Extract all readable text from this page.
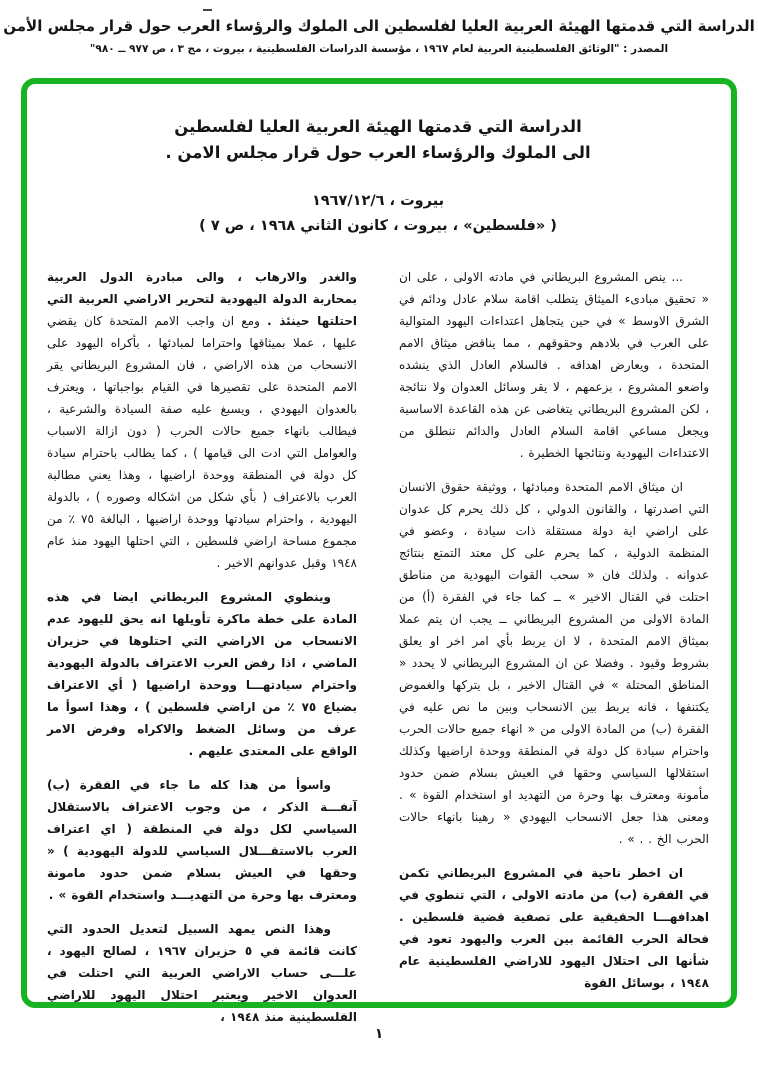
الدراسة التي قدمتها الهيئة العربية العليا لفلسطين الى الملوك والرؤساء العرب حول قرار مجلس الأمن
المصدر : "الوثائق الفلسطينية العربية لعام ١٩٦٧ ، مؤسسة الدراسات الفلسطينية ، بيروت ، مج ٣ ، ص ٩٧٧ ــ ٩٨٠"
الدراسة التي قدمتها الهيئة العربية العليا لفلسطين
الى الملوك والرؤساء العرب حول قرار مجلس الامن .
بيروت ، ١٩٦٧/١٢/٦
( «فلسطين» ، بيروت ، كانون الثاني ١٩٦٨ ، ص ٧ )

... ينص المشروع البريطاني في مادته الاولى ، على ان « تحقيق مبادىء الميثاق يتطلب اقامة سلام عادل ودائم في الشرق الاوسط » في حين يتجاهل اعتداءات اليهود المتوالية على العرب في بلادهم وحقوقهم ، مما يناقض ميثاق الامم المتحدة ، ويعارض اهدافه . فالسلام العادل الذي ينشده واضعو المشروع ، بزعمهم ، لا يقر وسائل العدوان ولا نتائجة ، لكن المشروع البريطاني يتغاضى عن هذه القاعدة الاساسية ويجعل مساعي اقامة السلام العادل والدائم تنطلق من الاعتداءات اليهودية ونتائجها الخطيرة .

ان ميثاق الامم المتحدة ومبادئها ، ووثيقة حقوق الانسان التي اصدرتها ، والقانون الدولي ، كل ذلك يحرم كل عدوان على اراضي اية دولة مستقلة ذات سيادة ، وعضو في المنظمة الدولية ، كما يحرم على كل معتد التمتع بنتائج عدوانه . ولذلك فان « سحب القوات اليهودية من مناطق احتلت في القتال الاخير » ــ كما جاء في الفقرة (أ) من المادة الاولى من المشروع البريطاني ــ يجب ان يتم عملا بميثاق الامم المتحدة ، لا ان يربط بأي امر اخر او يعلق بشروط وقيود . وفضلا عن ان المشروع البريطاني لا يحدد « المناطق المحتلة » في القتال الاخير ، بل يتركها والغموض يكتنفها ، فانه يربط بين الانسحاب وبين ما نص عليه في الفقرة (ب) من المادة الاولى من « انهاء جميع حالات الحرب واحترام سيادة كل دولة في المنطقة ووحدة اراضيها وكذلك استقلالها السياسي وحقها في العيش بسلام ضمن حدود مأمونة ومعترف بها وحرة من التهديد او استخدام القوة » . ومعنى هذا جعل الانسحاب اليهودي « رهينا بانهاء حالات الحرب الخ . . » .

ان اخطر ناحية في المشروع البريطاني تكمن في الفقرة (ب) من مادته الاولى ، التي تنطوي في اهدافهـــا الحقيقية على تصفية قضية فلسطين . فحالة الحرب القائمة بين العرب واليهود تعود في شأنها الى احتلال اليهود للاراضي الفلسطينية عام ١٩٤٨ ، بوسائل القوة

والغدر والارهاب ، والى مبادرة الدول العربية بمحاربة الدولة اليهودية لتحرير الاراضي العربية التي احتلتها حينئذ . ومع ان واجب الامم المتحدة كان يقضي عليها ، عملا بميثاقها واحتراما لمبادئها ، بأكراه اليهود على الانسحاب من هذه الاراضي ، فان المشروع البريطاني يقر الامم المتحدة على تقصيرها في القيام بواجباتها ، ويعترف بالعدوان اليهودي ، ويسبغ عليه صفة السيادة والشرعية ، فيطالب بانهاء جميع حالات الحرب ( دون ازالة الاسباب والعوامل التي ادت الى قيامها ) ، كما يطالب باحترام سيادة كل دولة في المنطقة ووحدة اراضيها ، وهذا يعني مطالبة العرب بالاعتراف ( بأي شكل من اشكاله وصوره ) ، بالدولة اليهودية ، واحترام سيادتها ووحدة اراضيها ، البالغة ٧٥ ٪ من مجموع مساحة اراضي فلسطين ، التي احتلها اليهود منذ عام ١٩٤٨ وقبل عدوانهم الاخير .

وينطوي المشروع البريطاني ايضا في هذه المادة على خطة ماكرة تأويلها انه يحق لليهود عدم الانسحاب من الاراضي التي احتلوها في حزيران الماضي ، اذا رفض العرب الاعتراف بالدولة اليهودية واحترام سيادتهـــا ووحدة اراضيها ( أي الاعتراف بضياع ٧٥ ٪ من اراضي فلسطين ) ، وهذا اسوأ ما عرف من وسائل الضغط والاكراه وفرض الامر الواقع على المعتدى عليهم .

واسوأ من هذا كله ما جاء في الفقرة (ب) آنفـــة الذكر ، من وجوب الاعتراف بالاستقلال السياسي لكل دولة في المنطقة ( اي اعتراف العرب بالاستقـــلال السياسي للدولة اليهودية ) « وحقها في العيش بسلام ضمن حدود مامونة ومعترف بها وحرة من التهديـــد واستخدام القوة » .

وهذا النص يمهد السبيل لتعديل الحدود التي كانت قائمة في ٥ حزيران ١٩٦٧ ، لصالح اليهود ، علـــى حساب الاراضي العربية التي احتلت في العدوان الاخير ويعتبر احتلال اليهود للاراضي الفلسطينية منذ ١٩٤٨ ،

١
